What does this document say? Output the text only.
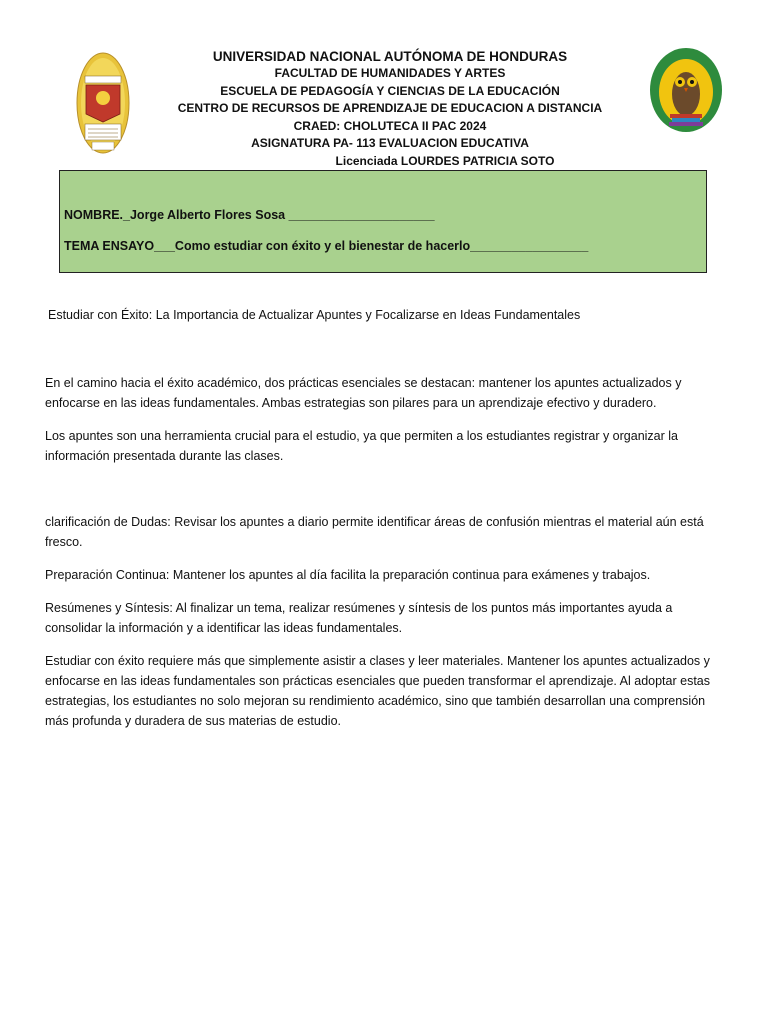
UNIVERSIDAD NACIONAL AUTÓNOMA DE HONDURAS
FACULTAD DE HUMANIDADES Y ARTES
ESCUELA DE PEDAGOGÍA Y CIENCIAS DE LA EDUCACIÓN
CENTRO DE RECURSOS DE APRENDIZAJE DE EDUCACION A DISTANCIA
CRAED: CHOLUTECA II PAC 2024
ASIGNATURA PA- 113 EVALUACION EDUCATIVA
Licenciada LOURDES PATRICIA SOTO
NOMBRE._Jorge Alberto Flores Sosa _____________________
TEMA ENSAYO___Como estudiar con éxito y el bienestar de hacerlo_________________
Estudiar con Éxito: La Importancia de Actualizar Apuntes y Focalizarse en Ideas Fundamentales

En el camino hacia el éxito académico, dos prácticas esenciales se destacan: mantener los apuntes actualizados y enfocarse en las ideas fundamentales. Ambas estrategias son pilares para un aprendizaje efectivo y duradero.

Los apuntes son una herramienta crucial para el estudio, ya que permiten a los estudiantes registrar y organizar la información presentada durante las clases.

clarificación de Dudas: Revisar los apuntes a diario permite identificar áreas de confusión mientras el material aún está fresco.

Preparación Continua: Mantener los apuntes al día facilita la preparación continua para exámenes y trabajos.

Resúmenes y Síntesis: Al finalizar un tema, realizar resúmenes y síntesis de los puntos más importantes ayuda a consolidar la información y a identificar las ideas fundamentales.

Estudiar con éxito requiere más que simplemente asistir a clases y leer materiales. Mantener los apuntes actualizados y enfocarse en las ideas fundamentales son prácticas esenciales que pueden transformar el aprendizaje. Al adoptar estas estrategias, los estudiantes no solo mejoran su rendimiento académico, sino que también desarrollan una comprensión más profunda y duradera de sus materias de estudio.
